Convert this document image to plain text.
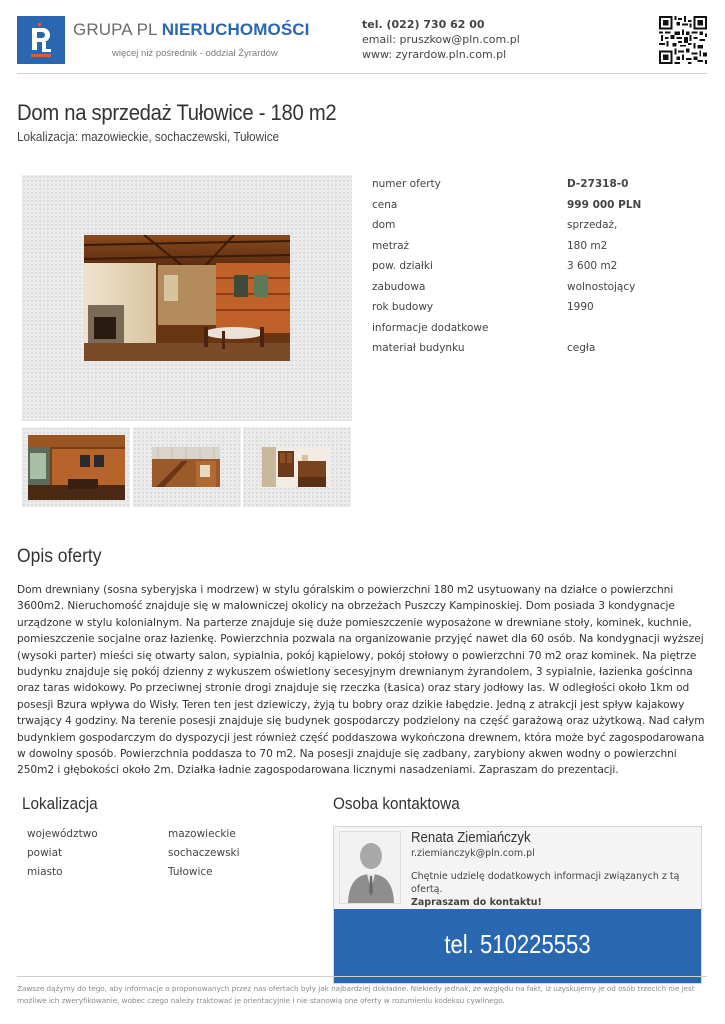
GRUPA PL NIERUCHOMOŚCI
więcej niż pośrednik - oddział Żyrardów
tel. (022) 730 62 00
email: pruszkow@pln.com.pl
www: zyrardow.pln.com.pl
Dom na sprzedaż Tułowice - 180 m2
Lokalizacja: mazowieckie, sochaczewski, Tułowice
numer oferty	D-27318-0
cena	999 000 PLN
dom	sprzedaż,
metraż	180 m2
pow. działki	3 600 m2
zabudowa	wolnostojący
rok budowy	1990
informacje dodatkowe
materiał budynku	cegła
Opis oferty
Dom drewniany (sosna syberyjska i modrzew) w stylu góralskim o powierzchni 180 m2 usytuowany na działce o powierzchni 3600m2. Nieruchomość znajduje się w malowniczej okolicy na obrzeżach Puszczy Kampinoskiej. Dom posiada 3 kondygnacje urządzone w stylu kolonialnym. Na parterze znajduje się duże pomieszczenie wyposażone w drewniane stoły, kominek, kuchnie, pomieszczenie socjalne oraz łazienkę. Powierzchnia pozwala na organizowanie przyjęć nawet dla 60 osób. Na kondygnacji wyższej (wysoki parter) mieści się otwarty salon, sypialnia, pokój kąpielowy, pokój stołowy o powierzchni 70 m2 oraz kominek. Na piętrze budynku znajduje się pokój dzienny z wykuszem oświetlony secesyjnym drewnianym żyrandolem, 3 sypialnie, łazienka gościnna oraz taras widokowy. Po przeciwnej stronie drogi znajduje się rzeczka (Łasica) oraz stary jodłowy las. W odległości około 1km od posesji Bzura wpływa do Wisły. Teren ten jest dziewiczy, żyją tu bobry oraz dzikie łabędzie. Jedną z atrakcji jest spływ kajakowy trwający 4 godziny. Na terenie posesji znajduje się budynek gospodarczy podzielony na część garażową oraz użytkową. Nad całym budynkiem gospodarczym do dyspozycji jest również część poddaszowa wykończona drewnem, która może być zagospodarowana w dowolny sposób. Powierzchnia poddasza to 70 m2. Na posesji znajduje się zadbany, zarybiony akwen wodny o powierzchni 250m2 i głębokości około 2m. Działka ładnie zagospodarowana licznymi nasadzeniami. Zapraszam do prezentacji.
Lokalizacja
województwo	mazowieckie
powiat	sochaczewski
miasto	Tułowice
Osoba kontaktowa
Renata Ziemiańczyk
r.ziemianczyk@pln.com.pl
Chętnie udzielę dodatkowych informacji związanych z tą ofertą.
Zapraszam do kontaktu!
tel. 510225553
Zawsze dążymy do tego, aby informacje o proponowanych przez nas ofertach były jak najbardziej dokładne. Niekiedy jednak, ze względu na fakt, iż uzyskujemy je od osób trzecich nie jest możliwe ich zweryfikowanie, wobec czego należy traktować je orientacyjnie i nie stanowią one oferty w rozumieniu kodeksu cywilnego.
